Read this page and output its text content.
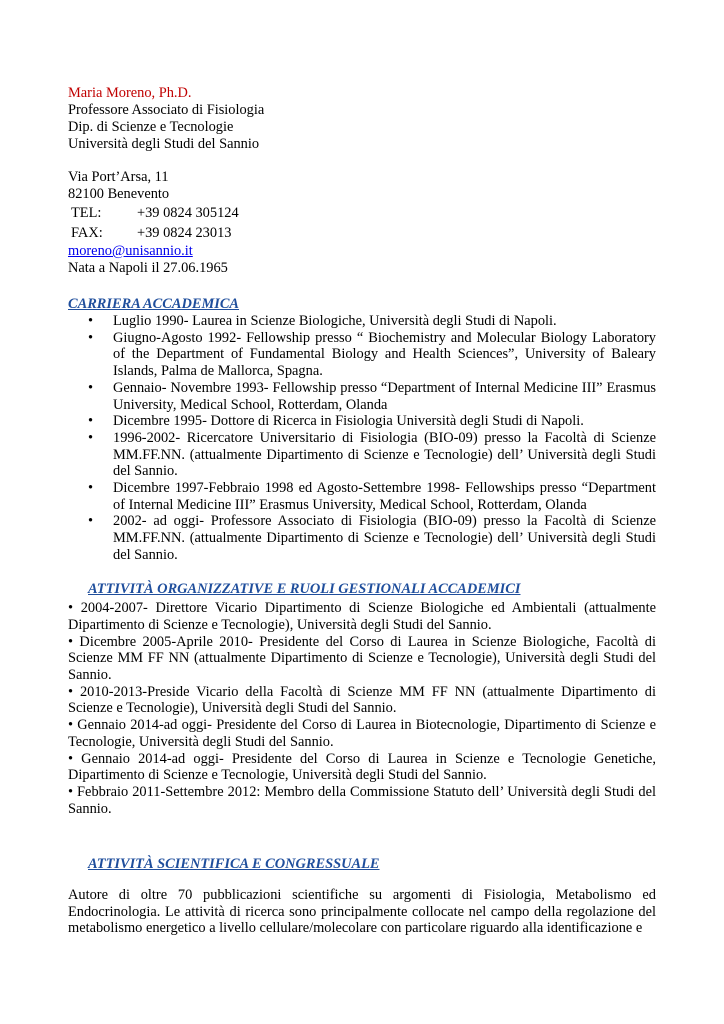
Maria Moreno, Ph.D.
Professore Associato di Fisiologia
Dip. di Scienze e Tecnologie
Università degli Studi del Sannio
Via Port’Arsa, 11
82100 Benevento
TEL:	+39 0824 305124
FAX:	+39 0824 23013
moreno@unisannio.it
Nata a Napoli il 27.06.1965
CARRIERA ACCADEMICA
• Luglio 1990- Laurea in Scienze Biologiche, Università degli Studi di Napoli.
• Giugno-Agosto 1992- Fellowship presso “ Biochemistry and Molecular Biology Laboratory of the Department of Fundamental Biology and Health Sciences”, University of Baleary Islands, Palma de Mallorca, Spagna.
• Gennaio- Novembre 1993- Fellowship presso “Department of Internal Medicine III” Erasmus University, Medical School, Rotterdam, Olanda
• Dicembre 1995- Dottore di Ricerca in Fisiologia Università degli Studi di Napoli.
• 1996-2002- Ricercatore Universitario di Fisiologia (BIO-09) presso la Facoltà di Scienze MM.FF.NN. (attualmente Dipartimento di Scienze e Tecnologie) dell’ Università degli Studi del Sannio.
• Dicembre 1997-Febbraio 1998 ed Agosto-Settembre 1998- Fellowships presso “Department of Internal Medicine III” Erasmus University, Medical School, Rotterdam, Olanda
• 2002- ad oggi- Professore Associato di Fisiologia (BIO-09) presso la Facoltà di Scienze MM.FF.NN. (attualmente Dipartimento di Scienze e Tecnologie) dell’ Università degli Studi del Sannio.
ATTIVITÀ ORGANIZZATIVE E RUOLI GESTIONALI ACCADEMICI

• 2004-2007- Direttore Vicario Dipartimento di Scienze Biologiche ed Ambientali (attualmente Dipartimento di Scienze e Tecnologie), Università degli Studi del Sannio.

• Dicembre 2005-Aprile 2010- Presidente del Corso di Laurea in Scienze Biologiche, Facoltà di Scienze MM FF NN (attualmente Dipartimento di Scienze e Tecnologie), Università degli Studi del Sannio.

• 2010-2013-Preside Vicario della Facoltà di Scienze MM FF NN (attualmente Dipartimento di Scienze e Tecnologie), Università degli Studi del Sannio.

• Gennaio 2014-ad oggi- Presidente del Corso di Laurea in Biotecnologie, Dipartimento di Scienze e Tecnologie, Università degli Studi del Sannio.

• Gennaio 2014-ad oggi- Presidente del Corso di Laurea in Scienze e Tecnologie Genetiche, Dipartimento di Scienze e Tecnologie, Università degli Studi del Sannio.

• Febbraio 2011-Settembre 2012: Membro della Commissione Statuto dell’ Università degli Studi del Sannio.

ATTIVITÀ SCIENTIFICA E CONGRESSUALE

Autore di oltre 70 pubblicazioni scientifiche su argomenti di Fisiologia, Metabolismo ed Endocrinologia. Le attività di ricerca sono principalmente collocate nel campo della regolazione del metabolismo energetico a livello cellulare/molecolare con particolare riguardo alla identificazione e
